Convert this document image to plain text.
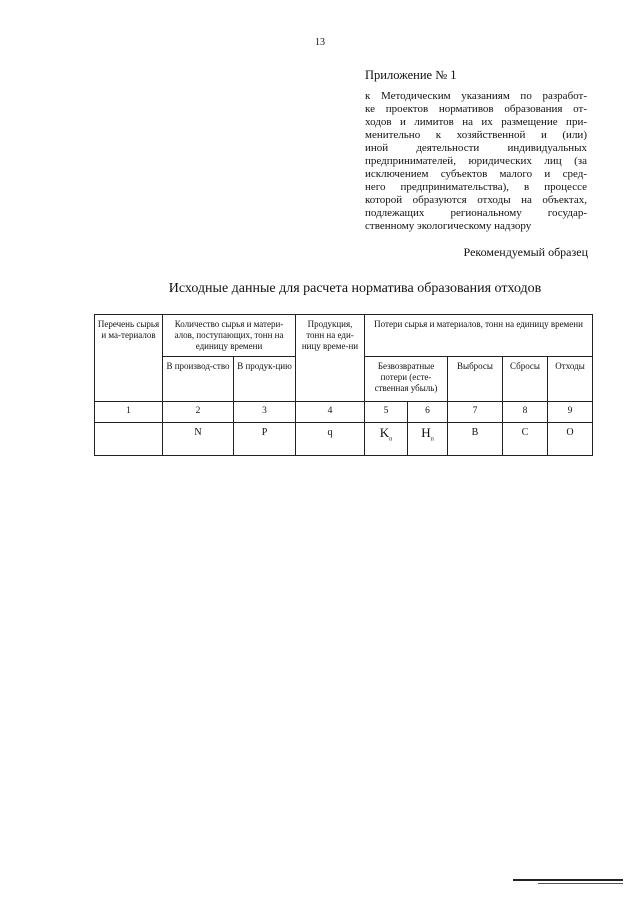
13
Приложение № 1
к Методическим указаниям по разработ-
ке проектов нормативов образования от-
ходов и лимитов на их размещение при-
менительно к хозяйственной и (или)
иной деятельности индивидуальных
предпринимателей, юридических лиц (за
исключением субъектов малого и сред-
него предпринимательства), в процессе
которой образуются отходы на объектах,
подлежащих региональному государ-
ственному экологическому надзору
Рекомендуемый образец
Исходные данные для расчета норматива образования отходов
Перечень сырья и ма-териалов	Количество сырья и матери-алов, поступающих, тонн на единицу времени		Продукция, тонн на еди-ницу време-ни	Потери сырья и материалов, тонн на единицу времени				
	В производ-ство	В продук-цию		Безвозвратные потери (есте-ственная убыль)		Выбросы	Сбросы	Отходы
1	2	3	4	5	6	7	8	9
	N	P	q	$K_п$	$Н_п$	В	С	О
